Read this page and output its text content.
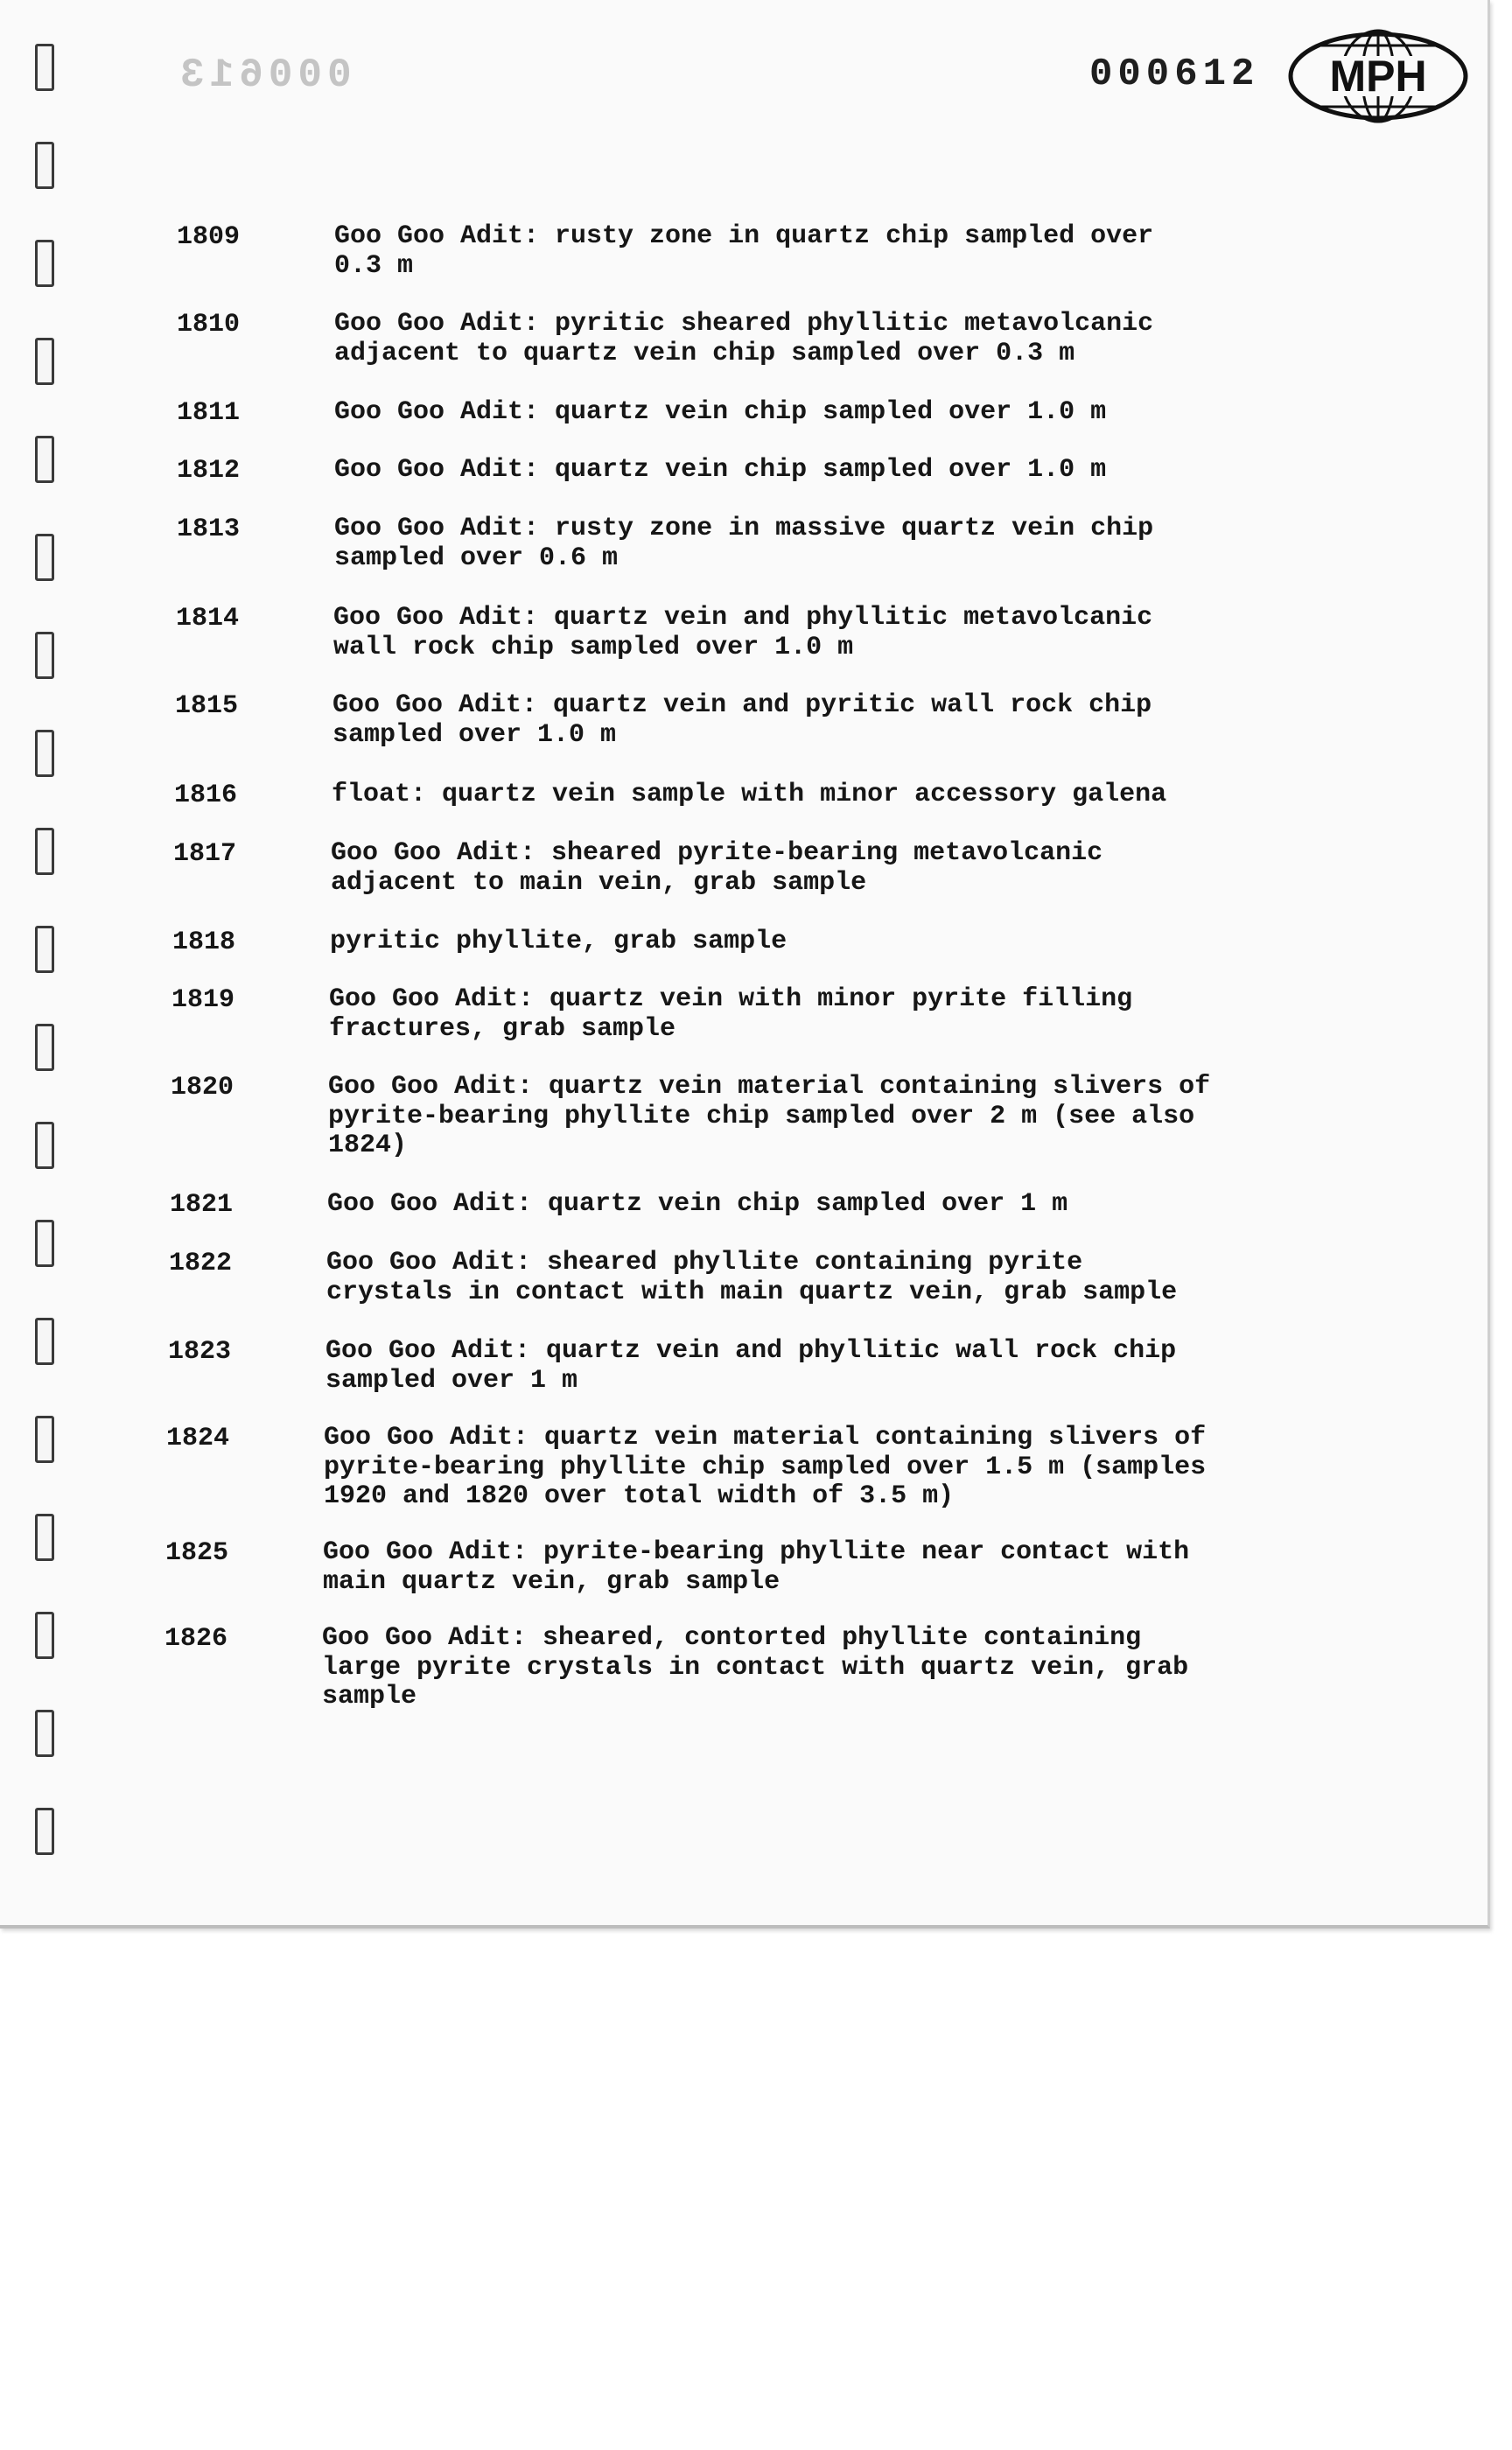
000613	000612 MPH
1809	Goo Goo Adit: rusty zone in quartz chip sampled over
0.3 m
1810	Goo Goo Adit: pyritic sheared phyllitic metavolcanic
adjacent to quartz vein chip sampled over 0.3 m
1811	Goo Goo Adit: quartz vein chip sampled over 1.0 m
1812	Goo Goo Adit: quartz vein chip sampled over 1.0 m
1813	Goo Goo Adit: rusty zone in massive quartz vein chip
sampled over 0.6 m
1814	Goo Goo Adit: quartz vein and phyllitic metavolcanic
wall rock chip sampled over 1.0 m
1815	Goo Goo Adit: quartz vein and pyritic wall rock chip
sampled over 1.0 m
1816	float: quartz vein sample with minor accessory galena
1817	Goo Goo Adit: sheared pyrite-bearing metavolcanic
adjacent to main vein, grab sample
1818	pyritic phyllite, grab sample
1819	Goo Goo Adit: quartz vein with minor pyrite filling
fractures, grab sample
1820	Goo Goo Adit: quartz vein material containing slivers of
pyrite-bearing phyllite chip sampled over 2 m (see also
1824)
1821	Goo Goo Adit: quartz vein chip sampled over 1 m
1822	Goo Goo Adit: sheared phyllite containing pyrite
crystals in contact with main quartz vein, grab sample
1823	Goo Goo Adit: quartz vein and phyllitic wall rock chip
sampled over 1 m
1824	Goo Goo Adit: quartz vein material containing slivers of
pyrite-bearing phyllite chip sampled over 1.5 m (samples
1920 and 1820 over total width of 3.5 m)
1825	Goo Goo Adit: pyrite-bearing phyllite near contact with
main quartz vein, grab sample
1826	Goo Goo Adit: sheared, contorted phyllite containing
large pyrite crystals in contact with quartz vein, grab
sample
